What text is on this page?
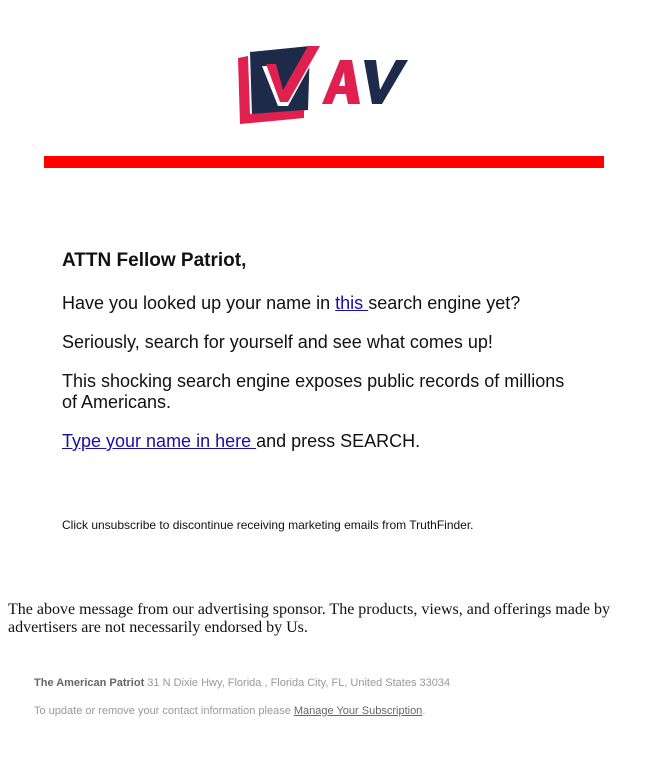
ATTN Fellow Patriot,
Have you looked up your name in this search engine yet?
Seriously, search for yourself and see what comes up!
This shocking search engine exposes public records of millions of Americans.
Type your name in here and press SEARCH.
Click unsubscribe to discontinue receiving marketing emails from TruthFinder.
The above message from our advertising sponsor. The products, views, and offerings made by advertisers are not necessarily endorsed by Us.
The American Patriot 31 N Dixie Hwy, Florida , Florida City, FL, United States 33034
To update or remove your contact information please Manage Your Subscription.
